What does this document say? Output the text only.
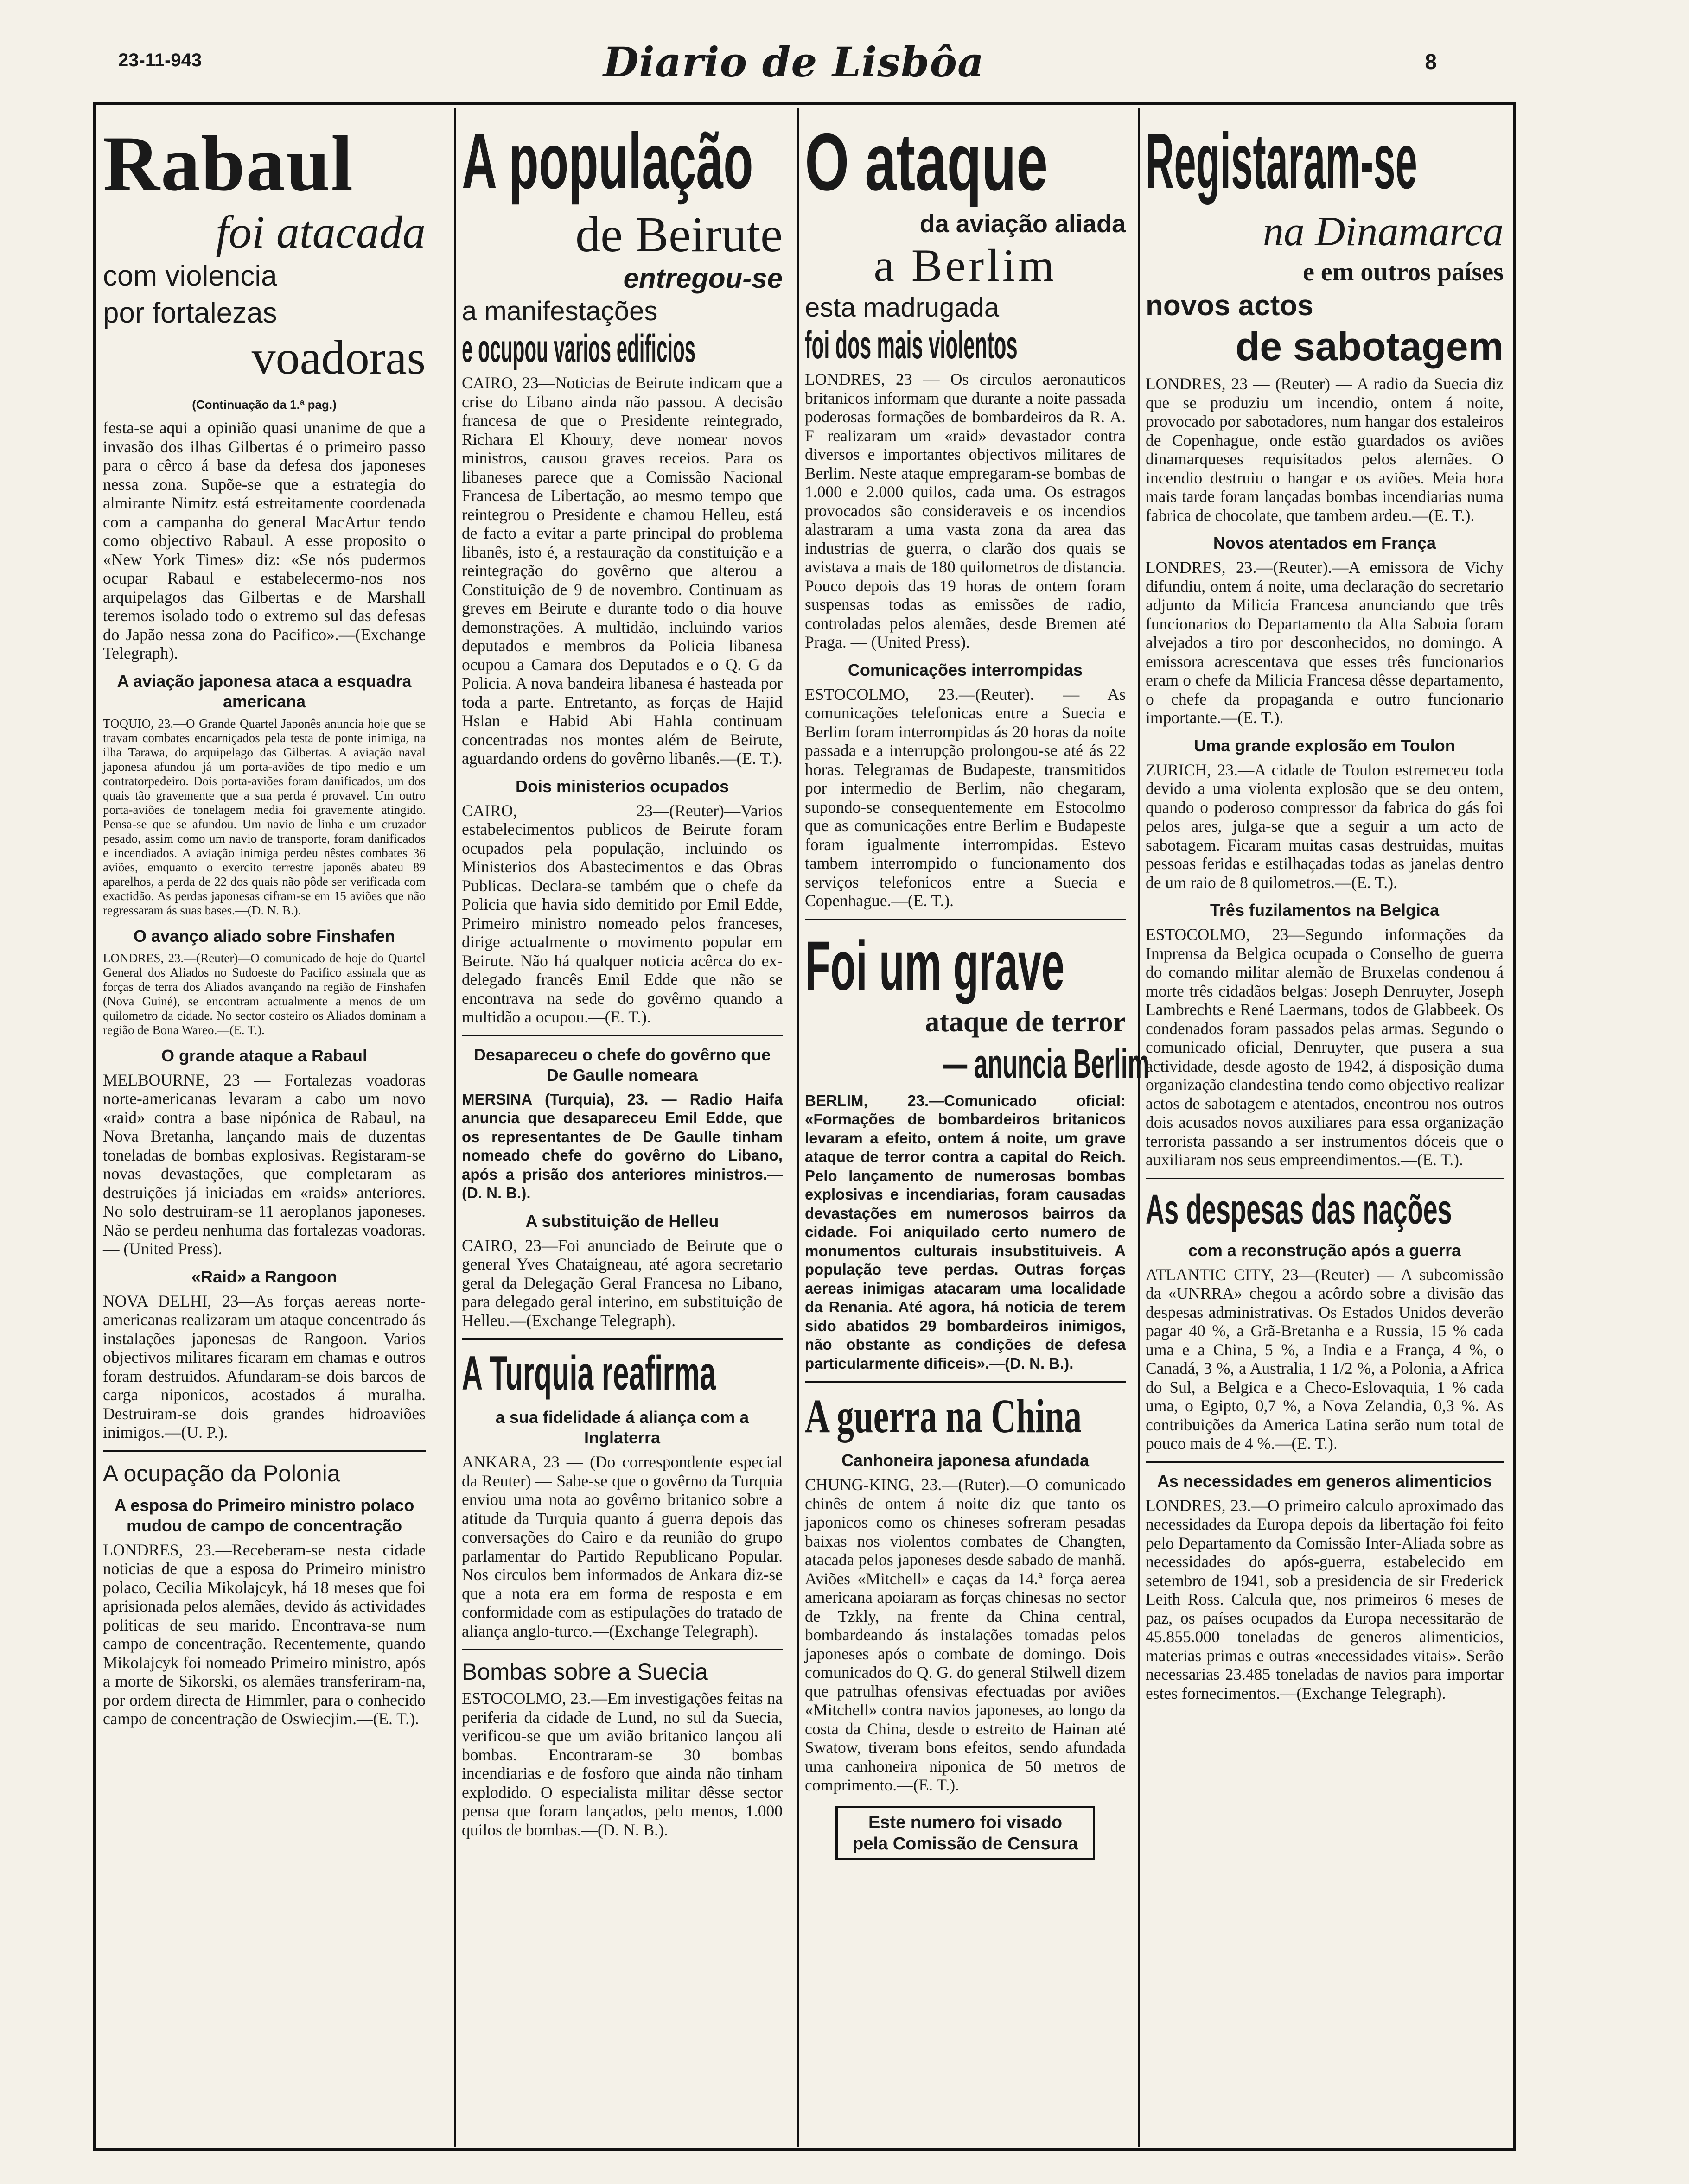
23-11-943	Diario de Lisbôa	8
Rabaul
foi atacada
com violencia
por fortalezas
voadoras
(Continuação da 1.ª pag.)
festa-se aqui a opinião quasi unanime de que a invasão dos ilhas Gilbertas é o primeiro passo para o cêrco á base da defesa dos japoneses nessa zona. Supõe-se que a estrategia do almirante Nimitz está estreitamente coordenada com a campanha do general MacArtur tendo como objectivo Rabaul. A esse proposito o «New York Times» diz: «Se nós pudermos ocupar Rabaul e estabelecermo-nos nos arquipelagos das Gilbertas e de Marshall teremos isolado todo o extremo sul das defesas do Japão nessa zona do Pacifico».—(Exchange Telegraph).
A aviação japonesa ataca a esquadra americana
TOQUIO, 23.—O Grande Quartel Japonês anuncia hoje que se travam combates encarniçados pela testa de ponte inimiga, na ilha Tarawa, do arquipelago das Gilbertas. A aviação naval japonesa afundou já um porta-aviões de tipo medio e um contratorpedeiro. Dois porta-aviões foram danificados, um dos quais tão gravemente que a sua perda é provavel. Um outro porta-aviões de tonelagem media foi gravemente atingido. Pensa-se que se afundou. Um navio de linha e um cruzador pesado, assim como um navio de transporte, foram danificados e incendiados. A aviação inimiga perdeu nêstes combates 36 aviões, emquanto o exercito terrestre japonês abateu 89 aparelhos, a perda de 22 dos quais não pôde ser verificada com exactidão. As perdas japonesas cifram-se em 15 aviões que não regressaram ás suas bases.—(D. N. B.).
O avanço aliado sobre Finshafen
LONDRES, 23.—(Reuter)—O comunicado de hoje do Quartel General dos Aliados no Sudoeste do Pacifico assinala que as forças de terra dos Aliados avançando na região de Finshafen (Nova Guiné), se encontram actualmente a menos de um quilometro da cidade. No sector costeiro os Aliados dominam a região de Bona Wareo.—(E. T.).
O grande ataque a Rabaul
MELBOURNE, 23 — Fortalezas voadoras norte-americanas levaram a cabo um novo «raid» contra a base nipónica de Rabaul, na Nova Bretanha, lançando mais de duzentas toneladas de bombas explosivas. Registaram-se novas devastações, que completaram as destruições já iniciadas em «raids» anteriores. No solo destruiram-se 11 aeroplanos japoneses. Não se perdeu nenhuma das fortalezas voadoras. — (United Press).
«Raid» a Rangoon
NOVA DELHI, 23—As forças aereas norte-americanas realizaram um ataque concentrado ás instalações japonesas de Rangoon. Varios objectivos militares ficaram em chamas e outros foram destruidos. Afundaram-se dois barcos de carga niponicos, acostados á muralha. Destruiram-se dois grandes hidroaviões inimigos.—(U. P.).
A ocupação da Polonia
A esposa do Primeiro ministro polaco mudou de campo de concentração
LONDRES, 23.—Receberam-se nesta cidade noticias de que a esposa do Primeiro ministro polaco, Cecilia Mikolajcyk, há 18 meses que foi aprisionada pelos alemães, devido ás actividades politicas de seu marido. Encontrava-se num campo de concentração. Recentemente, quando Mikolajcyk foi nomeado Primeiro ministro, após a morte de Sikorski, os alemães transferiram-na, por ordem directa de Himmler, para o conhecido campo de concentração de Oswiecjim.—(E. T.).
A população
de Beirute
entregou-se
a manifestações
e ocupou varios edificios
CAIRO, 23—Noticias de Beirute indicam que a crise do Libano ainda não passou. A decisão francesa de que o Presidente reintegrado, Richara El Khoury, deve nomear novos ministros, causou graves receios. Para os libaneses parece que a Comissão Nacional Francesa de Libertação, ao mesmo tempo que reintegrou o Presidente e chamou Helleu, está de facto a evitar a parte principal do problema libanês, isto é, a restauração da constituição e a reintegração do govêrno que alterou a Constituição de 9 de novembro. Continuam as greves em Beirute e durante todo o dia houve demonstrações. A multidão, incluindo varios deputados e membros da Policia libanesa ocupou a Camara dos Deputados e o Q. G da Policia. A nova bandeira libanesa é hasteada por toda a parte. Entretanto, as forças de Hajid Hslan e Habid Abi Hahla continuam concentradas nos montes além de Beirute, aguardando ordens do govêrno libanês.—(E. T.).
Dois ministerios ocupados
CAIRO, 23—(Reuter)—Varios estabelecimentos publicos de Beirute foram ocupados pela população, incluindo os Ministerios dos Abastecimentos e das Obras Publicas. Declara-se também que o chefe da Policia que havia sido demitido por Emil Edde, Primeiro ministro nomeado pelos franceses, dirige actualmente o movimento popular em Beirute. Não há qualquer noticia acêrca do ex-delegado francês Emil Edde que não se encontrava na sede do govêrno quando a multidão a ocupou.—(E. T.).
Desapareceu o chefe do govêrno que De Gaulle nomeara
MERSINA (Turquia), 23. — Radio Haifa anuncia que desapareceu Emil Edde, que os representantes de De Gaulle tinham nomeado chefe do govêrno do Libano, após a prisão dos anteriores ministros.—(D. N. B.).
A substituição de Helleu
CAIRO, 23—Foi anunciado de Beirute que o general Yves Chataigneau, até agora secretario geral da Delegação Geral Francesa no Libano, para delegado geral interino, em substituição de Helleu.—(Exchange Telegraph).
A Turquia reafirma
a sua fidelidade á aliança com a Inglaterra
ANKARA, 23 — (Do correspondente especial da Reuter) — Sabe-se que o govêrno da Turquia enviou uma nota ao govêrno britanico sobre a atitude da Turquia quanto á guerra depois das conversações do Cairo e da reunião do grupo parlamentar do Partido Republicano Popular. Nos circulos bem informados de Ankara diz-se que a nota era em forma de resposta e em conformidade com as estipulações do tratado de aliança anglo-turco.—(Exchange Telegraph).
Bombas sobre a Suecia
ESTOCOLMO, 23.—Em investigações feitas na periferia da cidade de Lund, no sul da Suecia, verificou-se que um avião britanico lançou ali bombas. Encontraram-se 30 bombas incendiarias e de fosforo que ainda não tinham explodido. O especialista militar dêsse sector pensa que foram lançados, pelo menos, 1.000 quilos de bombas.—(D. N. B.).
O ataque
da aviação aliada
a Berlim
esta madrugada
foi dos mais violentos
LONDRES, 23 — Os circulos aeronauticos britanicos informam que durante a noite passada poderosas formações de bombardeiros da R. A. F realizaram um «raid» devastador contra diversos e importantes objectivos militares de Berlim. Neste ataque empregaram-se bombas de 1.000 e 2.000 quilos, cada uma. Os estragos provocados são consideraveis e os incendios alastraram a uma vasta zona da area das industrias de guerra, o clarão dos quais se avistava a mais de 180 quilometros de distancia. Pouco depois das 19 horas de ontem foram suspensas todas as emissões de radio, controladas pelos alemães, desde Bremen até Praga. — (United Press).
Comunicações interrompidas
ESTOCOLMO, 23.—(Reuter). — As comunicações telefonicas entre a Suecia e Berlim foram interrompidas ás 20 horas da noite passada e a interrupção prolongou-se até ás 22 horas. Telegramas de Budapeste, transmitidos por intermedio de Berlim, não chegaram, supondo-se consequentemente em Estocolmo que as comunicações entre Berlim e Budapeste foram igualmente interrompidas. Estevo tambem interrompido o funcionamento dos serviços telefonicos entre a Suecia e Copenhague.—(E. T.).
Foi um grave
ataque de terror
— anuncia Berlim
BERLIM, 23.—Comunicado oficial: «Formações de bombardeiros britanicos levaram a efeito, ontem á noite, um grave ataque de terror contra a capital do Reich. Pelo lançamento de numerosas bombas explosivas e incendiarias, foram causadas devastações em numerosos bairros da cidade. Foi aniquilado certo numero de monumentos culturais insubstituiveis. A população teve perdas. Outras forças aereas inimigas atacaram uma localidade da Renania. Até agora, há noticia de terem sido abatidos 29 bombardeiros inimigos, não obstante as condições de defesa particularmente dificeis».—(D. N. B.).
A guerra na China
Canhoneira japonesa afundada
CHUNG-KING, 23.—(Ruter).—O comunicado chinês de ontem á noite diz que tanto os japonicos como os chineses sofreram pesadas baixas nos violentos combates de Changten, atacada pelos japoneses desde sabado de manhã. Aviões «Mitchell» e caças da 14.ª força aerea americana apoiaram as forças chinesas no sector de Tzkly, na frente da China central, bombardeando ás instalações tomadas pelos japoneses após o combate de domingo. Dois comunicados do Q. G. do general Stilwell dizem que patrulhas ofensivas efectuadas por aviões «Mitchell» contra navios japoneses, ao longo da costa da China, desde o estreito de Hainan até Swatow, tiveram bons efeitos, sendo afundada uma canhoneira niponica de 50 metros de comprimento.—(E. T.).
Este numero foi visado
pela Comissão de Censura
Registaram-se
na Dinamarca
e em outros países
novos actos
de sabotagem
LONDRES, 23 — (Reuter) — A radio da Suecia diz que se produziu um incendio, ontem á noite, provocado por sabotadores, num hangar dos estaleiros de Copenhague, onde estão guardados os aviões dinamarqueses requisitados pelos alemães. O incendio destruiu o hangar e os aviões. Meia hora mais tarde foram lançadas bombas incendiarias numa fabrica de chocolate, que tambem ardeu.—(E. T.).
Novos atentados em França
LONDRES, 23.—(Reuter).—A emissora de Vichy difundiu, ontem á noite, uma declaração do secretario adjunto da Milicia Francesa anunciando que três funcionarios do Departamento da Alta Saboia foram alvejados a tiro por desconhecidos, no domingo. A emissora acrescentava que esses três funcionarios eram o chefe da Milicia Francesa dêsse departamento, o chefe da propaganda e outro funcionario importante.—(E. T.).
Uma grande explosão em Toulon
ZURICH, 23.—A cidade de Toulon estremeceu toda devido a uma violenta explosão que se deu ontem, quando o poderoso compressor da fabrica do gás foi pelos ares, julga-se que a seguir a um acto de sabotagem. Ficaram muitas casas destruidas, muitas pessoas feridas e estilhaçadas todas as janelas dentro de um raio de 8 quilometros.—(E. T.).
Três fuzilamentos na Belgica
ESTOCOLMO, 23—Segundo informações da Imprensa da Belgica ocupada o Conselho de guerra do comando militar alemão de Bruxelas condenou á morte três cidadãos belgas: Joseph Denruyter, Joseph Lambrechts e René Laermans, todos de Glabbeek. Os condenados foram passados pelas armas. Segundo o comunicado oficial, Denruyter, que pusera a sua actividade, desde agosto de 1942, á disposição duma organização clandestina tendo como objectivo realizar actos de sabotagem e atentados, encontrou nos outros dois acusados novos auxiliares para essa organização terrorista passando a ser instrumentos dóceis que o auxiliaram nos seus empreendimentos.—(E. T.).
As despesas das nações
com a reconstrução após a guerra
ATLANTIC CITY, 23—(Reuter) — A subcomissão da «UNRRA» chegou a acôrdo sobre a divisão das despesas administrativas. Os Estados Unidos deverão pagar 40 %, a Grã-Bretanha e a Russia, 15 % cada uma e a China, 5 %, a India e a França, 4 %, o Canadá, 3 %, a Australia, 1 1/2 %, a Polonia, a Africa do Sul, a Belgica e a Checo-Eslovaquia, 1 % cada uma, o Egipto, 0,7 %, a Nova Zelandia, 0,3 %. As contribuições da America Latina serão num total de pouco mais de 4 %.—(E. T.).
As necessidades em generos alimenticios
LONDRES, 23.—O primeiro calculo aproximado das necessidades da Europa depois da libertação foi feito pelo Departamento da Comissão Inter-Aliada sobre as necessidades do após-guerra, estabelecido em setembro de 1941, sob a presidencia de sir Frederick Leith Ross. Calcula que, nos primeiros 6 meses de paz, os países ocupados da Europa necessitarão de 45.855.000 toneladas de generos alimenticios, materias primas e outras «necessidades vitais». Serão necessarias 23.485 toneladas de navios para importar estes fornecimentos.—(Exchange Telegraph).
